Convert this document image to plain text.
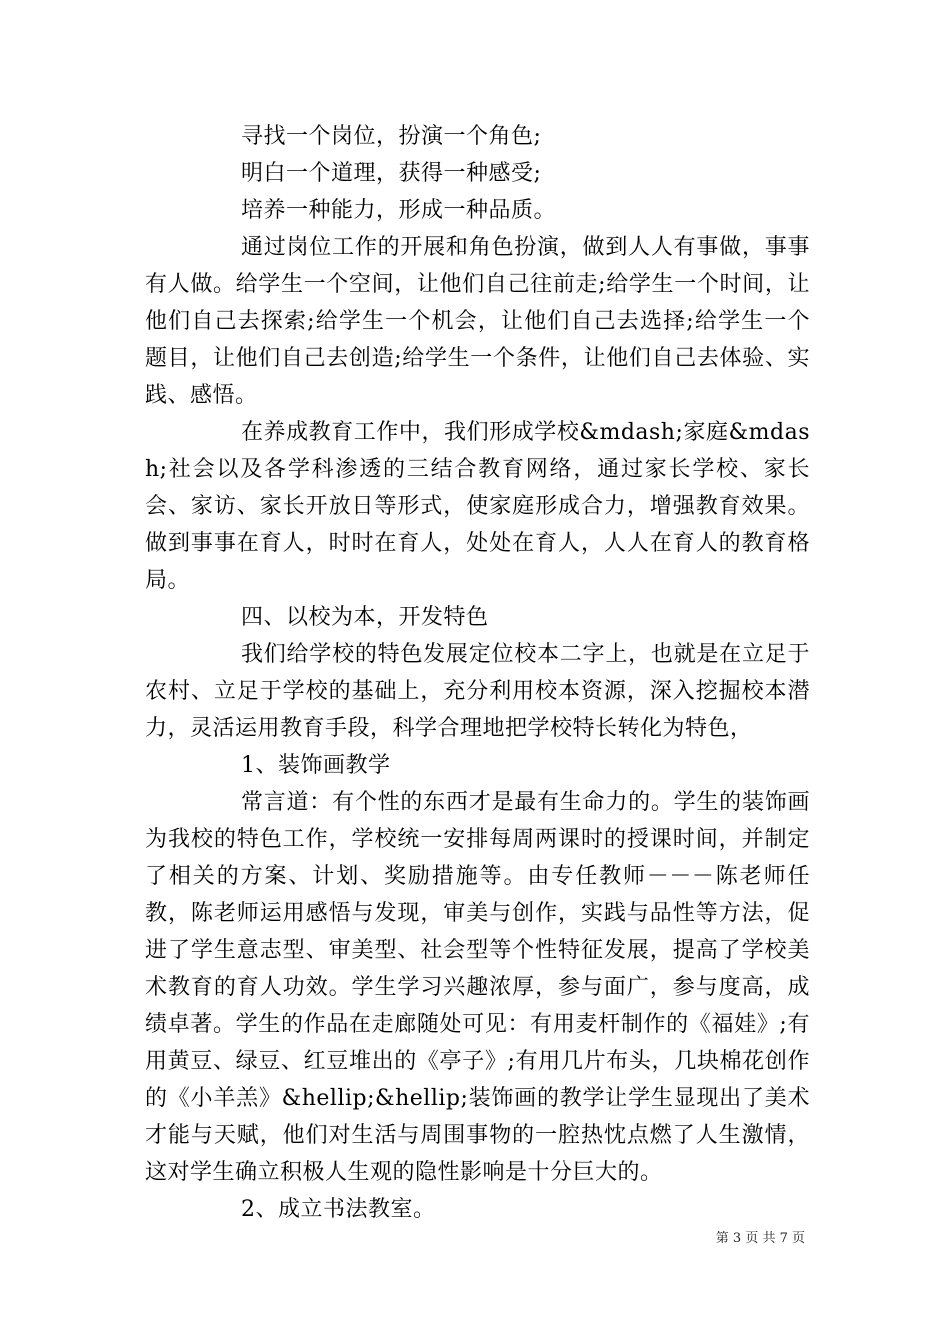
寻找一个岗位，扮演一个角色;

明白一个道理，获得一种感受;

培养一种能力，形成一种品质。

通过岗位工作的开展和角色扮演，做到人人有事做，事事有人做。给学生一个空间，让他们自己往前走;给学生一个时间，让他们自己去探索;给学生一个机会，让他们自己去选择;给学生一个题目，让他们自己去创造;给学生一个条件，让他们自己去体验、实践、感悟。

在养成教育工作中，我们形成学校&mdash;家庭&mdash;社会以及各学科渗透的三结合教育网络，通过家长学校、家长会、家访、家长开放日等形式，使家庭形成合力，增强教育效果。做到事事在育人，时时在育人，处处在育人，人人在育人的教育格局。

四、以校为本，开发特色

我们给学校的特色发展定位校本二字上，也就是在立足于农村、立足于学校的基础上，充分利用校本资源，深入挖掘校本潜力，灵活运用教育手段，科学合理地把学校特长转化为特色，

1、装饰画教学

常言道：有个性的东西才是最有生命力的。学生的装饰画为我校的特色工作，学校统一安排每周两课时的授课时间，并制定了相关的方案、计划、奖励措施等。由专任教师－－－陈老师任教，陈老师运用感悟与发现，审美与创作，实践与品性等方法，促进了学生意志型、审美型、社会型等个性特征发展，提高了学校美术教育的育人功效。学生学习兴趣浓厚，参与面广，参与度高，成绩卓著。学生的作品在走廊随处可见：有用麦杆制作的《福娃》;有用黄豆、绿豆、红豆堆出的《亭子》;有用几片布头，几块棉花创作的《小羊羔》&hellip;&hellip;装饰画的教学让学生显现出了美术才能与天赋，他们对生活与周围事物的一腔热忱点燃了人生激情，这对学生确立积极人生观的隐性影响是十分巨大的。

2、成立书法教室。

第 3 页 共 7 页
